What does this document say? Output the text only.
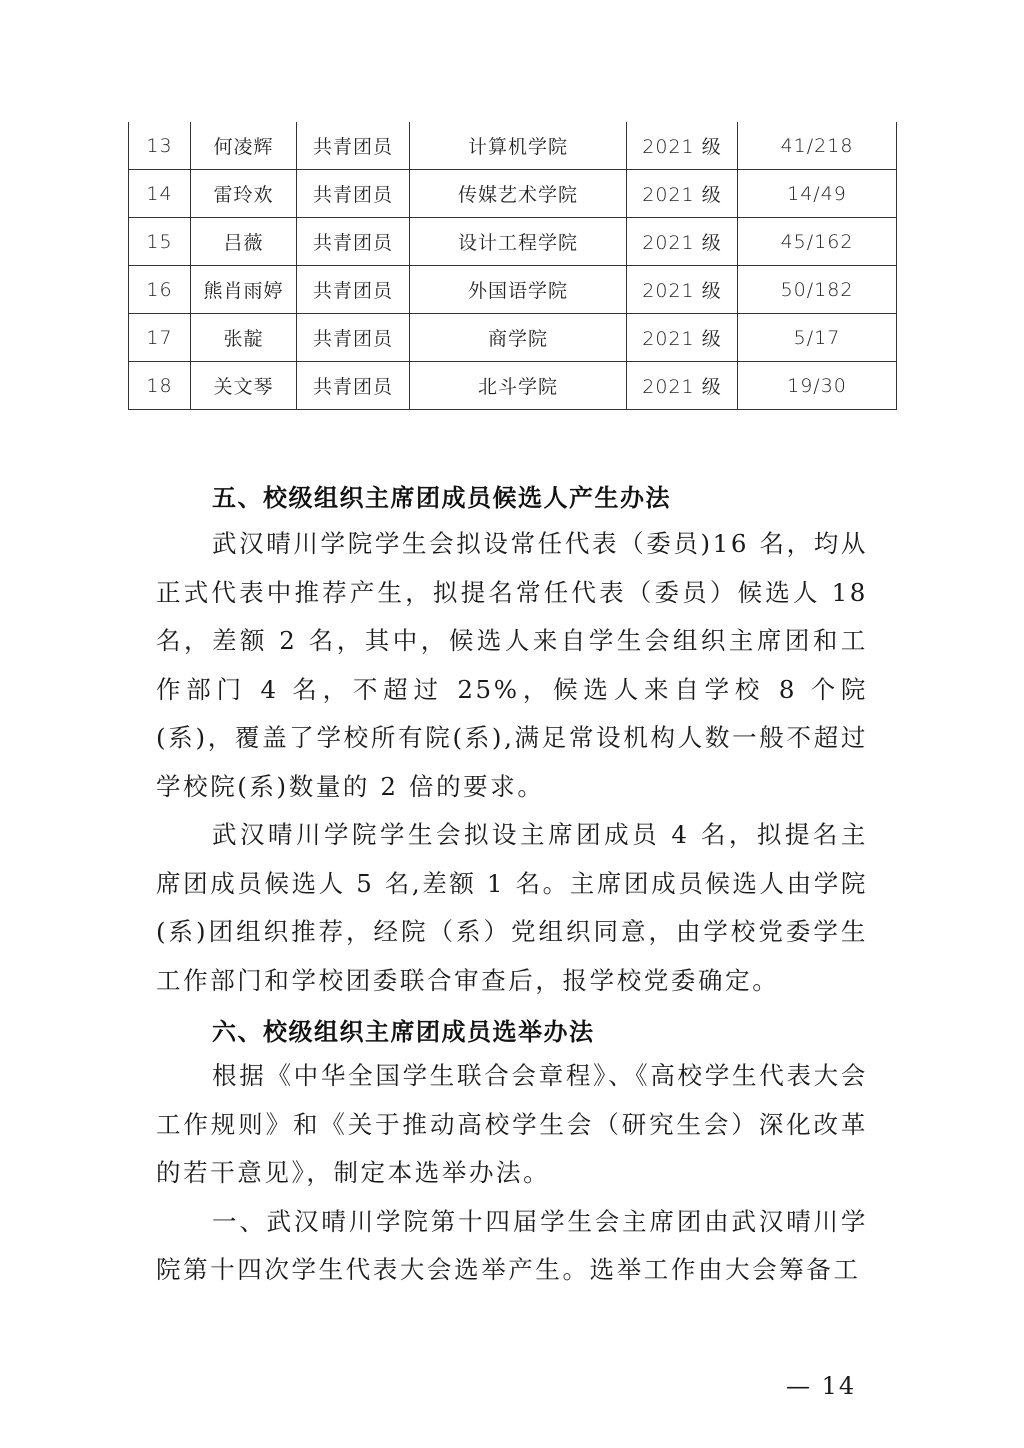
13	何凌辉	共青团员	计算机学院	2021 级	41/218
14	雷玲欢	共青团员	传媒艺术学院	2021 级	14/49
15	吕薇	共青团员	设计工程学院	2021 级	45/162
16	熊肖雨婷	共青团员	外国语学院	2021 级	50/182
17	张靛	共青团员	商学院	2021 级	5/17
18	关文琴	共青团员	北斗学院	2021 级	19/30
五、校级组织主席团成员候选人产生办法

武汉晴川学院学生会拟设常任代表（委员)16 名，均从正式代表中推荐产生，拟提名常任代表（委员）候选人 18 名，差额 2 名，其中，候选人来自学生会组织主席团和工作部门 4 名，不超过 25%，候选人来自学校 8 个院(系)，覆盖了学校所有院(系),满足常设机构人数一般不超过学校院(系)数量的 2 倍的要求。

武汉晴川学院学生会拟设主席团成员 4 名，拟提名主席团成员候选人 5 名,差额 1 名。主席团成员候选人由学院(系)团组织推荐，经院（系）党组织同意，由学校党委学生工作部门和学校团委联合审查后，报学校党委确定。

六、校级组织主席团成员选举办法

根据《中华全国学生联合会章程》、《高校学生代表大会工作规则》和《关于推动高校学生会（研究生会）深化改革的若干意见》，制定本选举办法。

一、武汉晴川学院第十四届学生会主席团由武汉晴川学院第十四次学生代表大会选举产生。选举工作由大会筹备工

— 14
